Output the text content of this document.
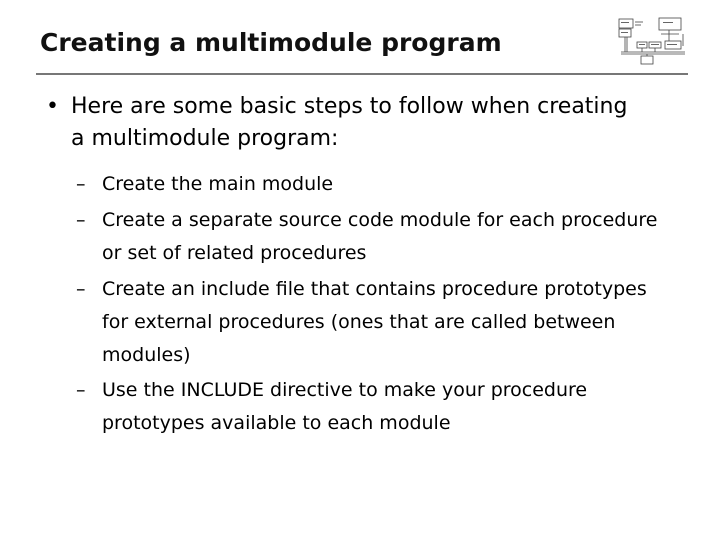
Creating a multimodule program
• Here are some basic steps to follow when creating a multimodule program:
– Create the main module
– Create a separate source code module for each procedure or set of related procedures
– Create an include file that contains procedure prototypes for external procedures (ones that are called between modules)
– Use the INCLUDE directive to make your procedure prototypes available to each module
